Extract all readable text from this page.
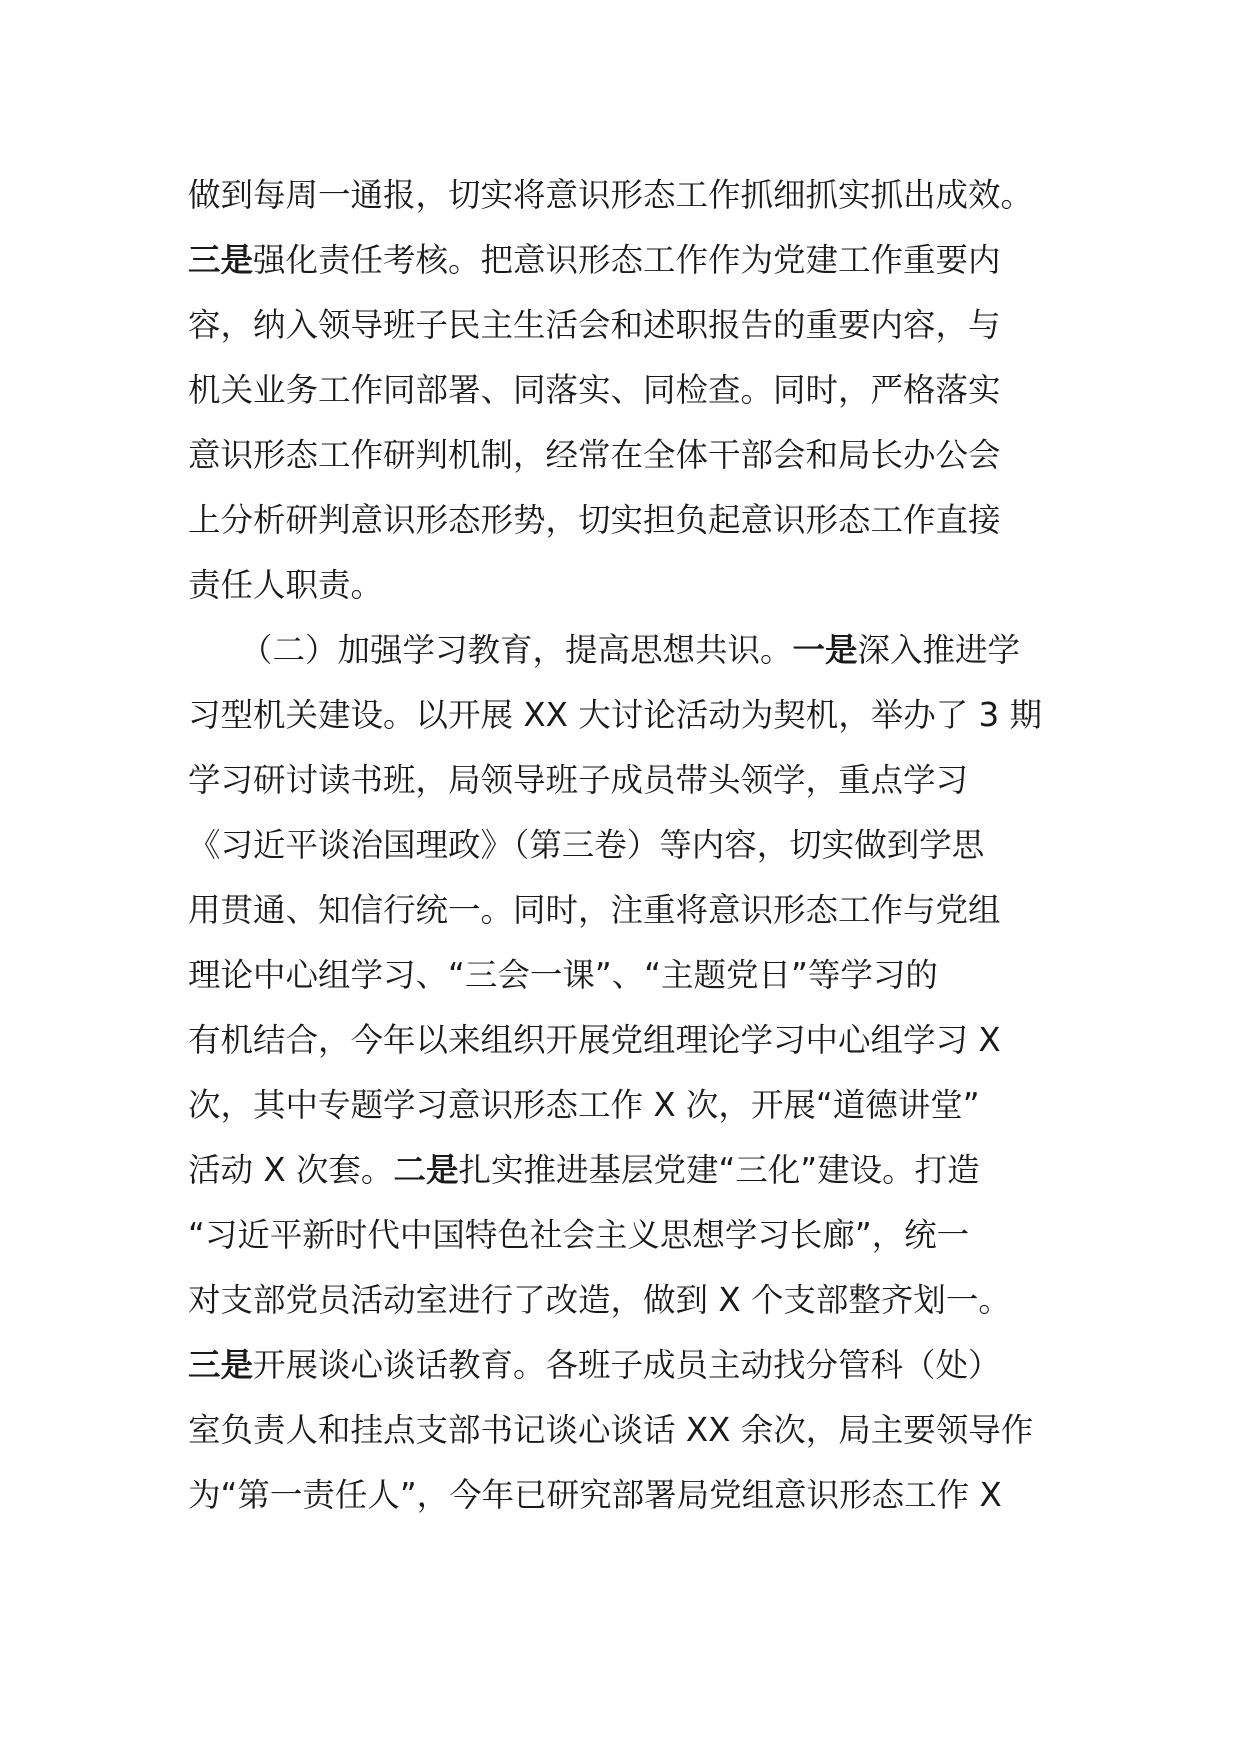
做到每周一通报，切实将意识形态工作抓细抓实抓出成效。
三是强化责任考核。把意识形态工作作为党建工作重要内
容，纳入领导班子民主生活会和述职报告的重要内容，与
机关业务工作同部署、同落实、同检查。同时，严格落实
意识形态工作研判机制，经常在全体干部会和局长办公会
上分析研判意识形态形势，切实担负起意识形态工作直接
责任人职责。
（二）加强学习教育，提高思想共识。一是深入推进学
习型机关建设。以开展 XX 大讨论活动为契机，举办了 3 期
学习研讨读书班，局领导班子成员带头领学，重点学习
《习近平谈治国理政》（第三卷）等内容，切实做到学思
用贯通、知信行统一。同时，注重将意识形态工作与党组
理论中心组学习、“三会一课”、“主题党日”等学习的
有机结合，今年以来组织开展党组理论学习中心组学习 X
次，其中专题学习意识形态工作 X 次，开展“道德讲堂”
活动 X 次套。二是扎实推进基层党建“三化”建设。打造
“习近平新时代中国特色社会主义思想学习长廊”，统一
对支部党员活动室进行了改造，做到 X 个支部整齐划一。
三是开展谈心谈话教育。各班子成员主动找分管科（处）
室负责人和挂点支部书记谈心谈话 XX 余次，局主要领导作
为“第一责任人”，今年已研究部署局党组意识形态工作 X
